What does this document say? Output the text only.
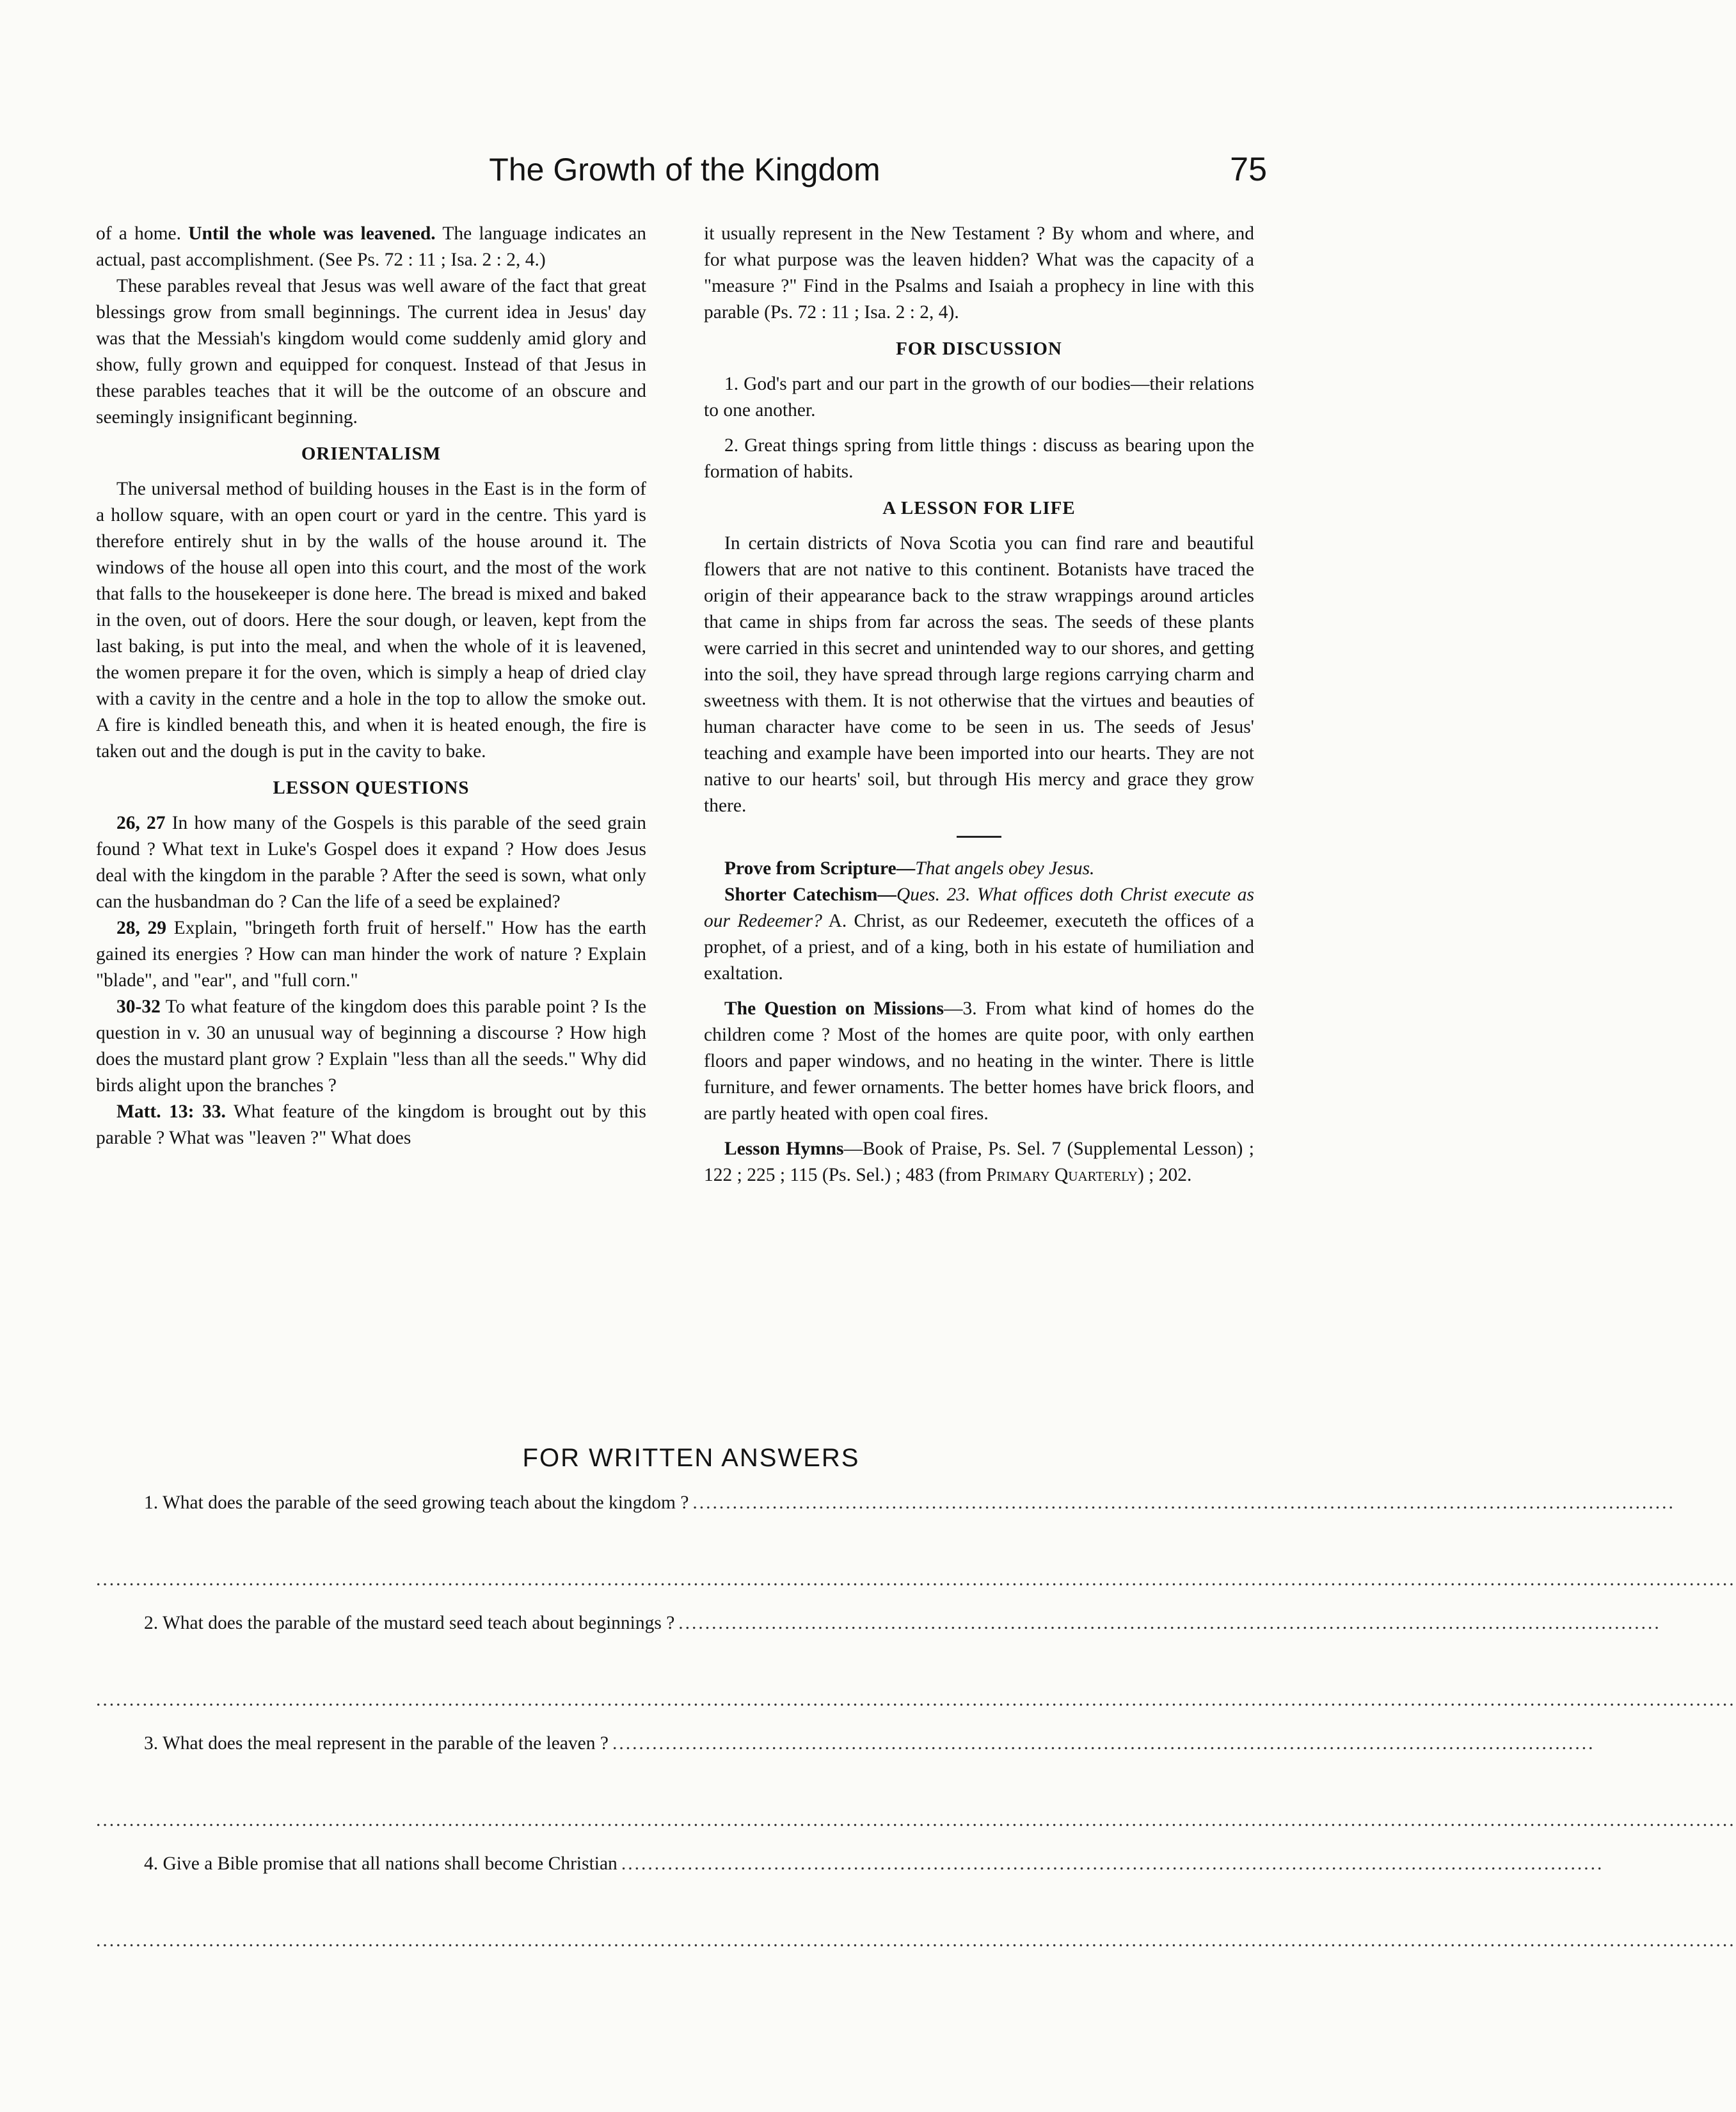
The Growth of the Kingdom	75

of a home. Until the whole was leavened. The language indicates an actual, past accomplishment. (See Ps. 72 : 11 ; Isa. 2 : 2, 4.)

These parables reveal that Jesus was well aware of the fact that great blessings grow from small beginnings. The current idea in Jesus' day was that the Messiah's kingdom would come suddenly amid glory and show, fully grown and equipped for conquest. Instead of that Jesus in these parables teaches that it will be the outcome of an obscure and seemingly insignificant beginning.

ORIENTALISM

The universal method of building houses in the East is in the form of a hollow square, with an open court or yard in the centre. This yard is therefore entirely shut in by the walls of the house around it. The windows of the house all open into this court, and the most of the work that falls to the housekeeper is done here. The bread is mixed and baked in the oven, out of doors. Here the sour dough, or leaven, kept from the last baking, is put into the meal, and when the whole of it is leavened, the women prepare it for the oven, which is simply a heap of dried clay with a cavity in the centre and a hole in the top to allow the smoke out. A fire is kindled beneath this, and when it is heated enough, the fire is taken out and the dough is put in the cavity to bake.

LESSON QUESTIONS

26, 27 In how many of the Gospels is this parable of the seed grain found ? What text in Luke's Gospel does it expand ? How does Jesus deal with the kingdom in the parable ? After the seed is sown, what only can the husbandman do ? Can the life of a seed be explained?

28, 29 Explain, "bringeth forth fruit of herself." How has the earth gained its energies ? How can man hinder the work of nature ? Explain "blade", and "ear", and "full corn."

30-32 To what feature of the kingdom does this parable point ? Is the question in v. 30 an unusual way of beginning a discourse ? How high does the mustard plant grow ? Explain "less than all the seeds." Why did birds alight upon the branches ?

Matt. 13: 33. What feature of the kingdom is brought out by this parable ? What was "leaven ?" What does

it usually represent in the New Testament ? By whom and where, and for what purpose was the leaven hidden? What was the capacity of a "measure ?" Find in the Psalms and Isaiah a prophecy in line with this parable (Ps. 72 : 11 ; Isa. 2 : 2, 4).

FOR DISCUSSION

1. God's part and our part in the growth of our bodies—their relations to one another.

2. Great things spring from little things : discuss as bearing upon the formation of habits.

A LESSON FOR LIFE

In certain districts of Nova Scotia you can find rare and beautiful flowers that are not native to this continent. Botanists have traced the origin of their appearance back to the straw wrappings around articles that came in ships from far across the seas. The seeds of these plants were carried in this secret and unintended way to our shores, and getting into the soil, they have spread through large regions carrying charm and sweetness with them. It is not otherwise that the virtues and beauties of human character have come to be seen in us. The seeds of Jesus' teaching and example have been imported into our hearts. They are not native to our hearts' soil, but through His mercy and grace they grow there.

Prove from Scripture—That angels obey Jesus.

Shorter Catechism—Ques. 23. What offices doth Christ execute as our Redeemer? A. Christ, as our Redeemer, executeth the offices of a prophet, of a priest, and of a king, both in his estate of humiliation and exaltation.

The Question on Missions—3. From what kind of homes do the children come ? Most of the homes are quite poor, with only earthen floors and paper windows, and no heating in the winter. There is little furniture, and fewer ornaments. The better homes have brick floors, and are partly heated with open coal fires.

Lesson Hymns—Book of Praise, Ps. Sel. 7 (Supplemental Lesson) ; 122 ; 225 ; 115 (Ps. Sel.) ; 483 (from Primary Quarterly) ; 202.

FOR WRITTEN ANSWERS
1. What does the parable of the seed growing teach about the kingdom ? ....................................................................................................................................................
.......................................................................................................................................................................................................................................................
2. What does the parable of the mustard seed teach about beginnings ? ....................................................................................................................................................
.......................................................................................................................................................................................................................................................
3. What does the meal represent in the parable of the leaven ? ....................................................................................................................................................
.......................................................................................................................................................................................................................................................
4. Give a Bible promise that all nations shall become Christian ....................................................................................................................................................
.......................................................................................................................................................................................................................................................
